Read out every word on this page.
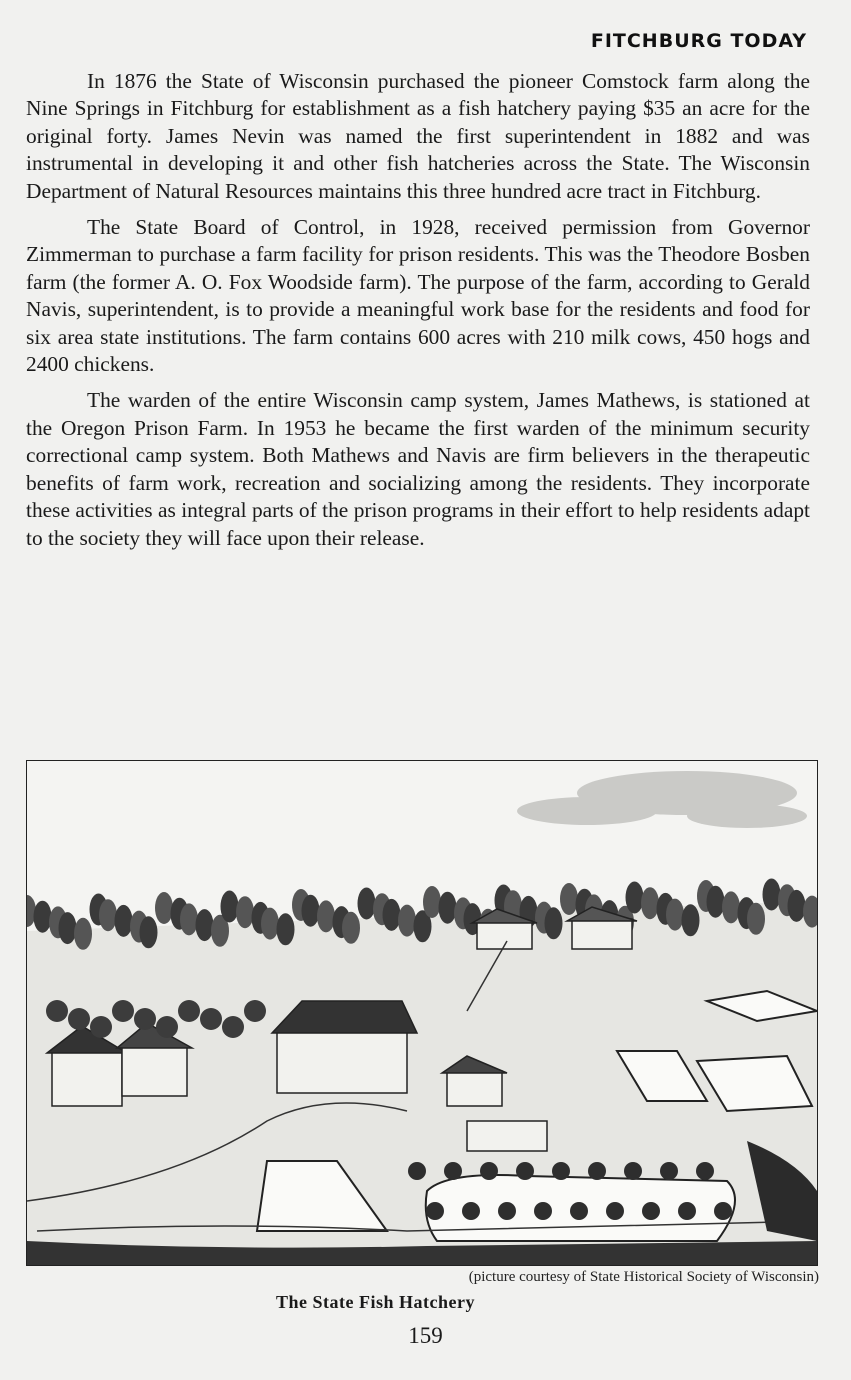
FITCHBURG TODAY

In 1876 the State of Wisconsin purchased the pioneer Comstock farm along the Nine Springs in Fitchburg for establishment as a fish hatchery paying $35 an acre for the original forty. James Nevin was named the first superintendent in 1882 and was instrumental in developing it and other fish hatcheries across the State. The Wisconsin Department of Natural Resources maintains this three hundred acre tract in Fitchburg.

The State Board of Control, in 1928, received permission from Governor Zimmerman to purchase a farm facility for prison residents. This was the Theodore Bosben farm (the former A. O. Fox Woodside farm). The purpose of the farm, according to Gerald Navis, superintendent, is to provide a meaningful work base for the residents and food for six area state institutions. The farm contains 600 acres with 210 milk cows, 450 hogs and 2400 chickens.

The warden of the entire Wisconsin camp system, James Mathews, is stationed at the Oregon Prison Farm. In 1953 he became the first warden of the minimum security correctional camp system. Both Mathews and Navis are firm believers in the therapeutic benefits of farm work, recreation and socializing among the residents. They incorporate these activities as integral parts of the prison programs in their effort to help residents adapt to the society they will face upon their release.

(picture courtesy of State Historical Society of Wisconsin)
The State Fish Hatchery
159
